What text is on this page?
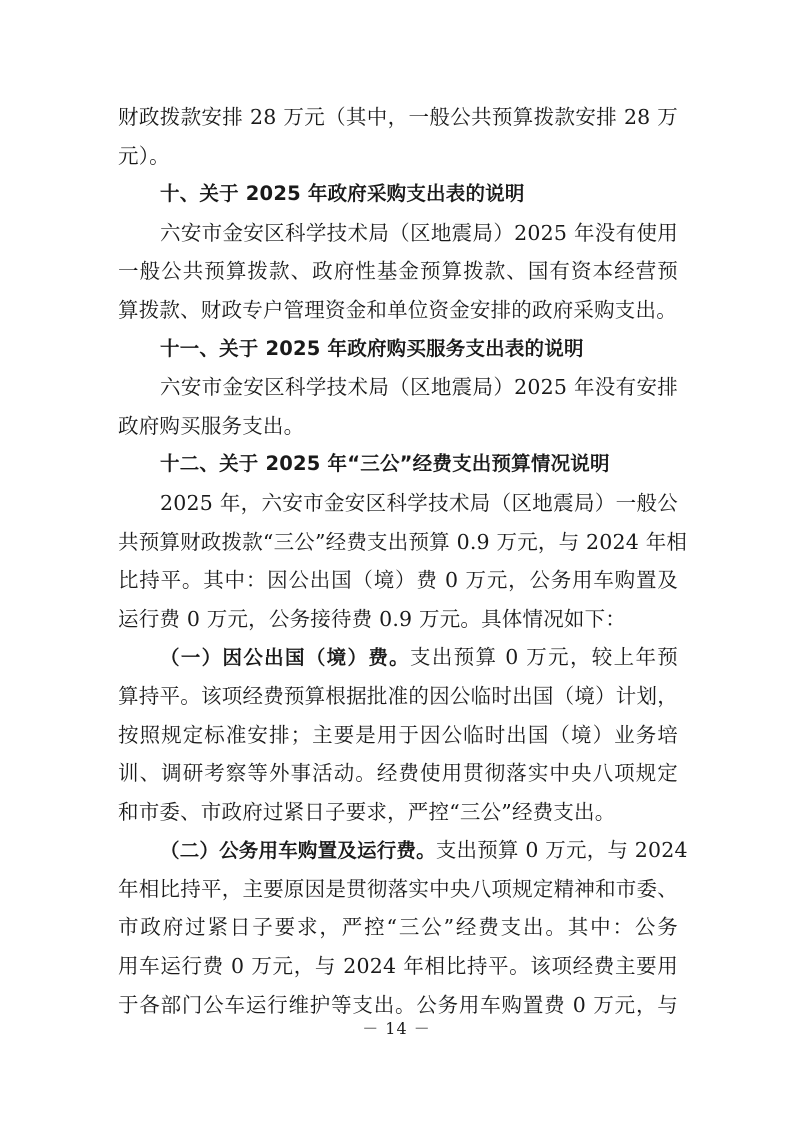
财政拨款安排 28 万元（其中，一般公共预算拨款安排 28 万
元）。
十、关于 2025 年政府采购支出表的说明
六安市金安区科学技术局（区地震局）2025 年没有使用
一般公共预算拨款、政府性基金预算拨款、国有资本经营预
算拨款、财政专户管理资金和单位资金安排的政府采购支出。
十一、关于 2025 年政府购买服务支出表的说明
六安市金安区科学技术局（区地震局）2025 年没有安排
政府购买服务支出。
十二、关于 2025 年“三公”经费支出预算情况说明
2025 年，六安市金安区科学技术局（区地震局）一般公
共预算财政拨款“三公”经费支出预算 0.9 万元，与 2024 年相
比持平。其中：因公出国（境）费 0 万元，公务用车购置及
运行费 0 万元，公务接待费 0.9 万元。具体情况如下：
（一）因公出国（境）费。支出预算 0 万元，较上年预
算持平。该项经费预算根据批准的因公临时出国（境）计划，
按照规定标准安排；主要是用于因公临时出国（境）业务培
训、调研考察等外事活动。经费使用贯彻落实中央八项规定
和市委、市政府过紧日子要求，严控“三公”经费支出。
（二）公务用车购置及运行费。支出预算 0 万元，与 2024
年相比持平，主要原因是贯彻落实中央八项规定精神和市委、
市政府过紧日子要求，严控“三公”经费支出。其中：公务
用车运行费 0 万元，与 2024 年相比持平。该项经费主要用
于各部门公车运行维护等支出。公务用车购置费 0 万元，与
－ 14 －
